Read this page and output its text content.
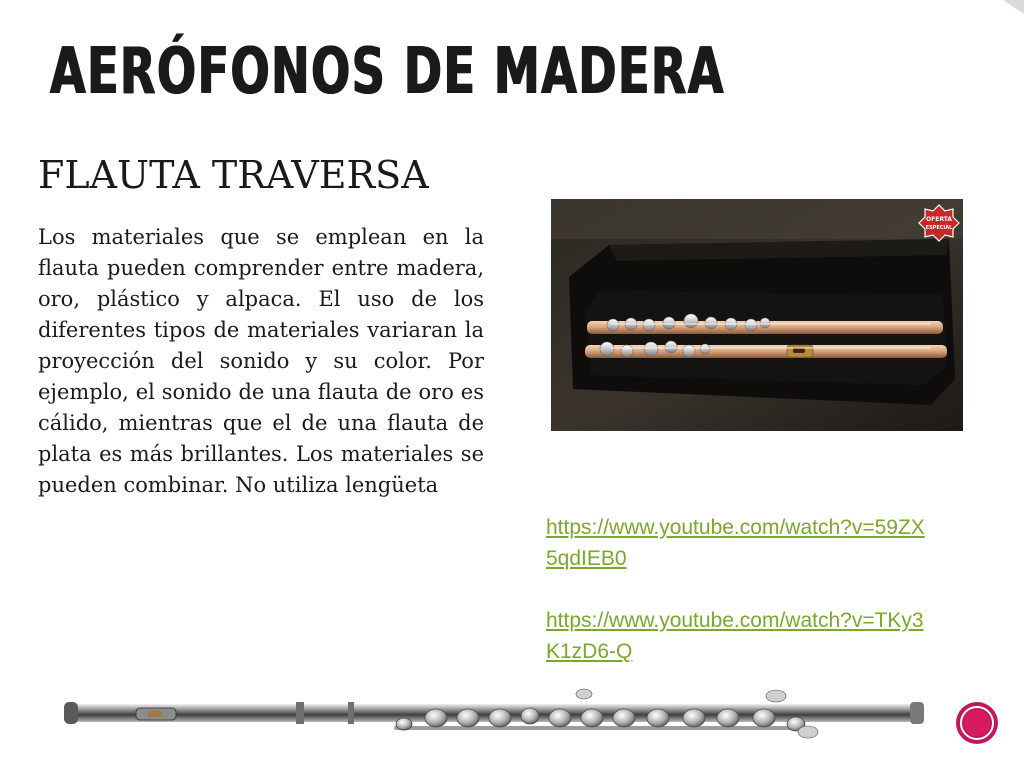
AERÓFONOS DE MADERA
FLAUTA TRAVERSA

Los materiales que se emplean en la flauta pueden comprender entre madera, oro, plástico y alpaca. El uso de los diferentes tipos de materiales variaran la proyección del sonido y su color. Por ejemplo, el sonido de una flauta de oro es cálido, mientras que el de una flauta de plata es más brillantes. Los materiales se pueden combinar. No utiliza lengüeta

OFERTA
ESPECIAL
https://www.youtube.com/watch?v=59ZX5qdIEB0
https://www.youtube.com/watch?v=TKy3K1zD6-Q
